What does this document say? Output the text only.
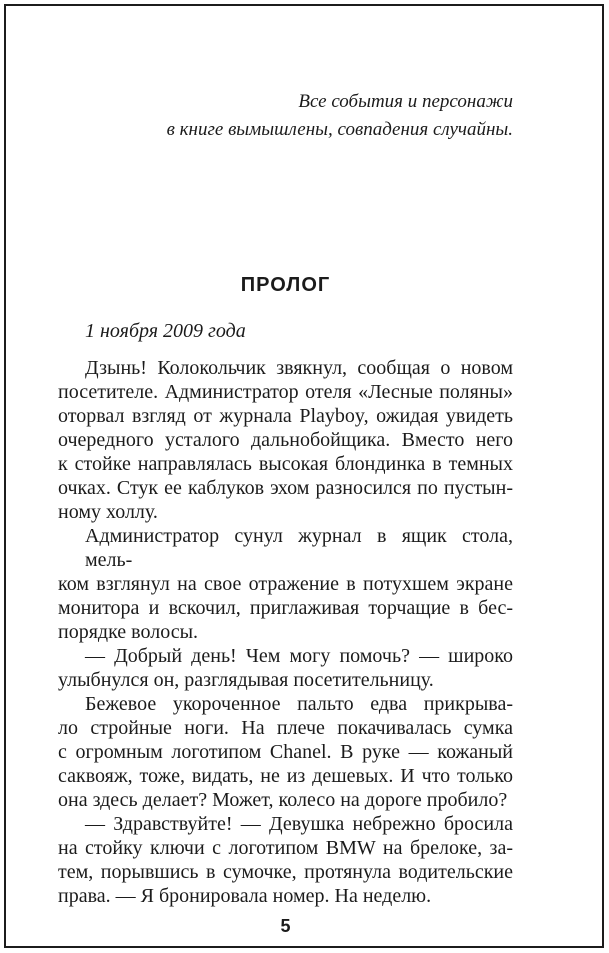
Все события и персонажи
в книге вымышлены, совпадения случайны.
ПРОЛОГ
1 ноября 2009 года
Дзынь! Колокольчик звякнул, сообщая о новом
посетителе. Администратор отеля «Лесные поляны»
оторвал взгляд от журнала Playboy, ожидая увидеть
очередного усталого дальнобойщика. Вместо него
к стойке направлялась высокая блондинка в темных
очках. Стук ее каблуков эхом разносился по пустын-
ному холлу.
Администратор сунул журнал в ящик стола, мель-
ком взглянул на свое отражение в потухшем экране
монитора и вскочил, приглаживая торчащие в бес-
порядке волосы.
— Добрый день! Чем могу помочь? — широко
улыбнулся он, разглядывая посетительницу.
Бежевое укороченное пальто едва прикрыва-
ло стройные ноги. На плече покачивалась сумка
с огромным логотипом Chanel. В руке — кожаный
саквояж, тоже, видать, не из дешевых. И что только
она здесь делает? Может, колесо на дороге пробило?
— Здравствуйте! — Девушка небрежно бросила
на стойку ключи с логотипом BMW на брелоке, за-
тем, порывшись в сумочке, протянула водительские
права. — Я бронировала номер. На неделю.
5
